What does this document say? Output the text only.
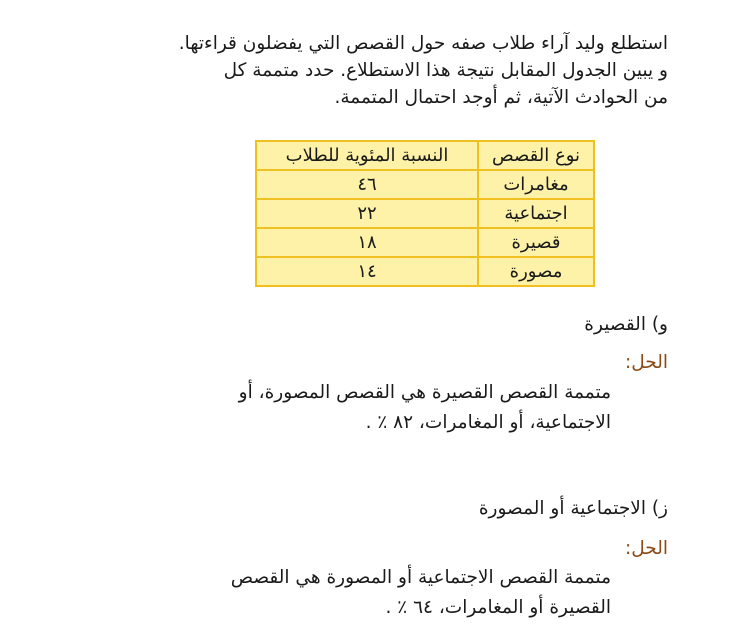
استطلع وليد آراء طلاب صفه حول القصص التي يفضلون قراءتها.

و يبين الجدول المقابل نتيجة هذا الاستطلاع. حدد متممة كل

من الحوادث الآتية، ثم أوجد احتمال المتممة.

نوع القصص	النسبة المئوية للطلاب
مغامرات	٤٦
اجتماعية	٢٢
قصيرة	١٨
مصورة	١٤

و) القصيرة

الحل:

متممة القصص القصيرة هي القصص المصورة، أو

الاجتماعية، أو المغامرات، ٨٢ ٪ .

ز) الاجتماعية أو المصورة

الحل:

متممة القصص الاجتماعية أو المصورة هي القصص

القصيرة أو المغامرات، ٦٤ ٪ .
